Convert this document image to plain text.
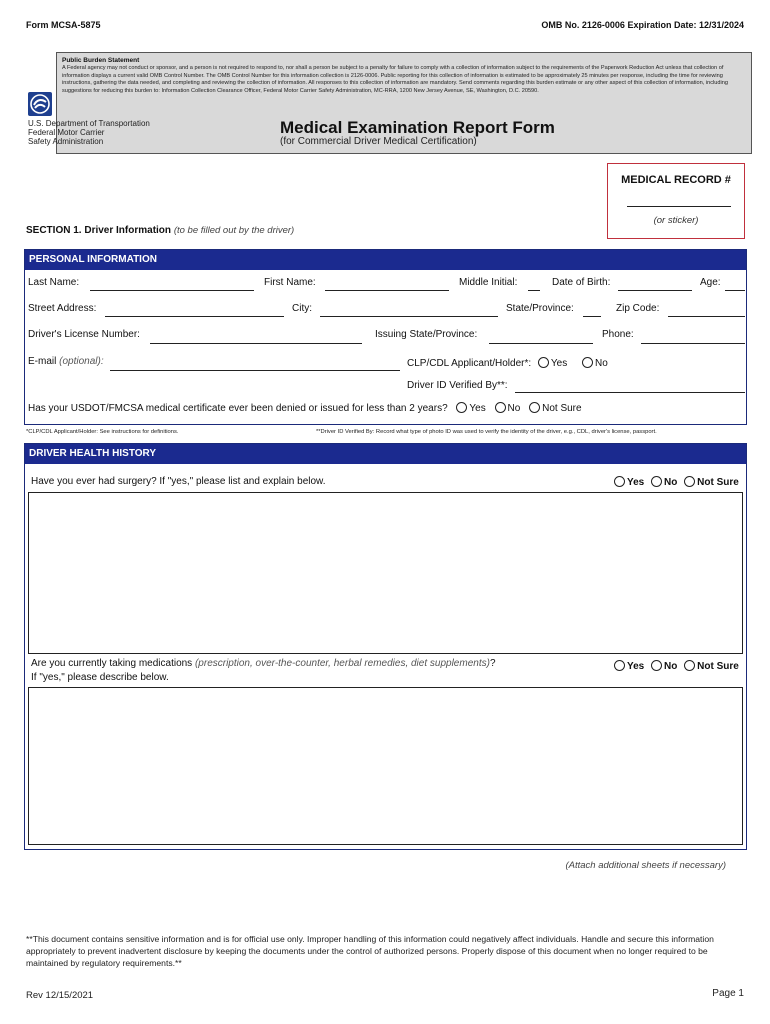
Form MCSA-5875	OMB No. 2126-0006 Expiration Date: 12/31/2024
Public Burden Statement
A Federal agency may not conduct or sponsor, and a person is not required to respond to, nor shall a person be subject to a penalty for failure to comply with a collection of information subject to the requirements of the Paperwork Reduction Act unless that collection of information displays a current valid OMB Control Number. The OMB Control Number for this information collection is 2126-0006. Public reporting for this collection of information is estimated to be approximately 25 minutes per response, including the time for reviewing instructions, gathering the data needed, and completing and reviewing the collection of information. All responses to this collection of information are mandatory. Send comments regarding this burden estimate or any other aspect of this collection of information, including suggestions for reducing this burden to: Information Collection Clearance Officer, Federal Motor Carrier Safety Administration, MC-RRA, 1200 New Jersey Avenue, SE, Washington, D.C. 20590.
U.S. Department of Transportation
Federal Motor Carrier
Safety Administration
Medical Examination Report Form
(for Commercial Driver Medical Certification)
MEDICAL RECORD #
(or sticker)
SECTION 1. Driver Information (to be filled out by the driver)
PERSONAL INFORMATION
Last Name:	First Name:	Middle Initial:	Date of Birth:	Age:
Street Address:	City:	State/Province:	Zip Code:
Driver's License Number:	Issuing State/Province:	Phone:
E-mail (optional):	CLP/CDL Applicant/Holder*: Yes	No
Driver ID Verified By**:
Has your USDOT/FMCSA medical certificate ever been denied or issued for less than 2 years? Yes No Not Sure
*CLP/CDL Applicant/Holder: See instructions for definitions.	**Driver ID Verified By: Record what type of photo ID was used to verify the identity of the driver, e.g., CDL, driver's license, passport.
DRIVER HEALTH HISTORY
Have you ever had surgery? If "yes," please list and explain below.	Yes No Not Sure
Are you currently taking medications (prescription, over-the-counter, herbal remedies, diet supplements)?
If "yes," please describe below.
Yes No Not Sure
(Attach additional sheets if necessary)
**This document contains sensitive information and is for official use only. Improper handling of this information could negatively affect individuals. Handle and secure this information appropriately to prevent inadvertent disclosure by keeping the documents under the control of authorized persons. Properly dispose of this document when no longer required to be maintained by regulatory requirements.**
Rev 12/15/2021	Page 1
